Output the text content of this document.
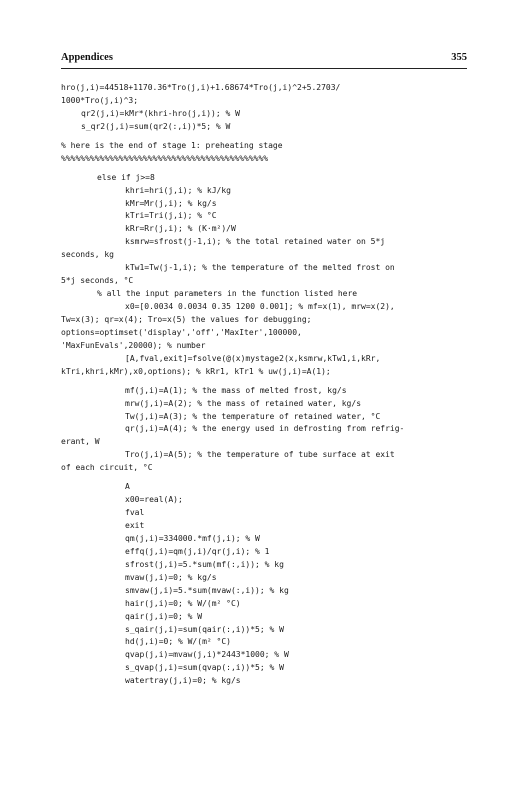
Appendices	355
hro(j,i)=44518+1170.36*Tro(j,i)+1.68674*Tro(j,i)^2+5.2703/
1000*Tro(j,i)^3;
qr2(j,i)=kMr*(khri-hro(j,i)); % W
s_qr2(j,i)=sum(qr2(:,i))*5; % W
% here is the end of stage 1: preheating stage
%%%%%%%%%%%%%%%%%%%%%%%%%%%%%%%%%%%%%%%%%%%
else if j>=8
khri=hri(j,i); % kJ/kg
kMr=Mr(j,i); % kg/s
kTri=Tri(j,i); % °C
kRr=Rr(j,i); % (K·m²)/W
ksmrw=sfrost(j-1,i); % the total retained water on 5*j
seconds, kg
kTw1=Tw(j-1,i); % the temperature of the melted frost on
5*j seconds, °C
% all the input parameters in the function listed here
x0=[0.0034 0.0034 0.35 1200 0.001]; % mf=x(1), mrw=x(2),
Tw=x(3); qr=x(4); Tro=x(5) the values for debugging;
options=optimset('display','off','MaxIter',100000,
'MaxFunEvals',20000); % number
[A,fval,exit]=fsolve(@(x)mystage2(x,ksmrw,kTw1,i,kRr,
kTri,khri,kMr),x0,options); % kRr1, kTr1 % uw(j,i)=A(1);
mf(j,i)=A(1); % the mass of melted frost, kg/s
mrw(j,i)=A(2); % the mass of retained water, kg/s
Tw(j,i)=A(3); % the temperature of retained water, °C
qr(j,i)=A(4); % the energy used in defrosting from refrig-
erant, W
Tro(j,i)=A(5); % the temperature of tube surface at exit
of each circuit, °C
A
x00=real(A);
fval
exit
qm(j,i)=334000.*mf(j,i); % W
effq(j,i)=qm(j,i)/qr(j,i); % 1
sfrost(j,i)=5.*sum(mf(:,i)); % kg
mvaw(j,i)=0; % kg/s
smvaw(j,i)=5.*sum(mvaw(:,i)); % kg
hair(j,i)=0; % W/(m² °C)
qair(j,i)=0; % W
s_qair(j,i)=sum(qair(:,i))*5; % W
hd(j,i)=0; % W/(m² °C)
qvap(j,i)=mvaw(j,i)*2443*1000; % W
s_qvap(j,i)=sum(qvap(:,i))*5; % W
watertray(j,i)=0; % kg/s
